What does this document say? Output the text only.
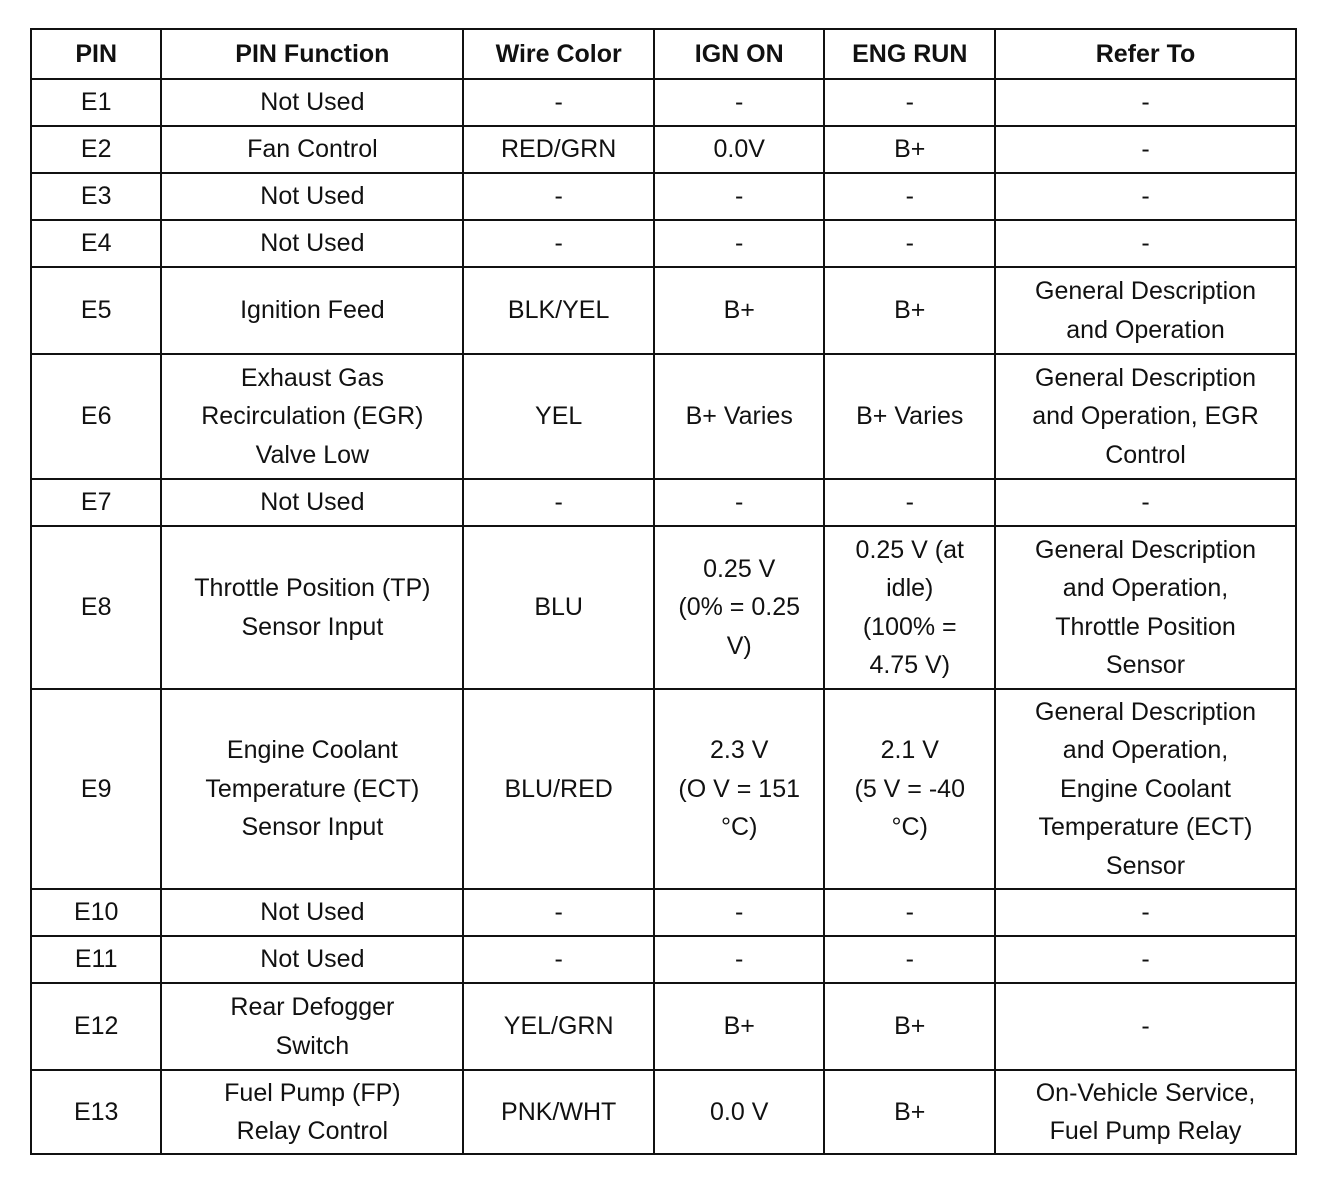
PIN	PIN Function	Wire Color	IGN ON	ENG RUN	Refer To
E1	Not Used	-	-	-	-

E2	Fan Control	RED/GRN	0.0V	B+	-

E3	Not Used	-	-	-	-

E4	Not Used	-	-	-	-

E5	Ignition Feed	BLK/YEL	B+	B+	General Description
and Operation

E6	Exhaust Gas
Recirculation (EGR)
Valve Low	YEL	B+ Varies	B+ Varies	General Description
and Operation, EGR
Control

E7	Not Used	-	-	-	-

E8	Throttle Position (TP)
Sensor Input	BLU	0.25 V
(0% = 0.25
V)	0.25 V (at
idle)
(100% =
4.75 V)	General Description
and Operation,
Throttle Position
Sensor

E9	Engine Coolant
Temperature (ECT)
Sensor Input	BLU/RED	2.3 V
(O V = 151
°C)	2.1 V
(5 V = -40
°C)	General Description
and Operation,
Engine Coolant
Temperature (ECT)
Sensor

E10	Not Used	-	-	-	-

E11	Not Used	-	-	-	-

E12	Rear Defogger
Switch	YEL/GRN	B+	B+	-

E13	Fuel Pump (FP)
Relay Control	PNK/WHT	0.0 V	B+	On-Vehicle Service,
Fuel Pump Relay
